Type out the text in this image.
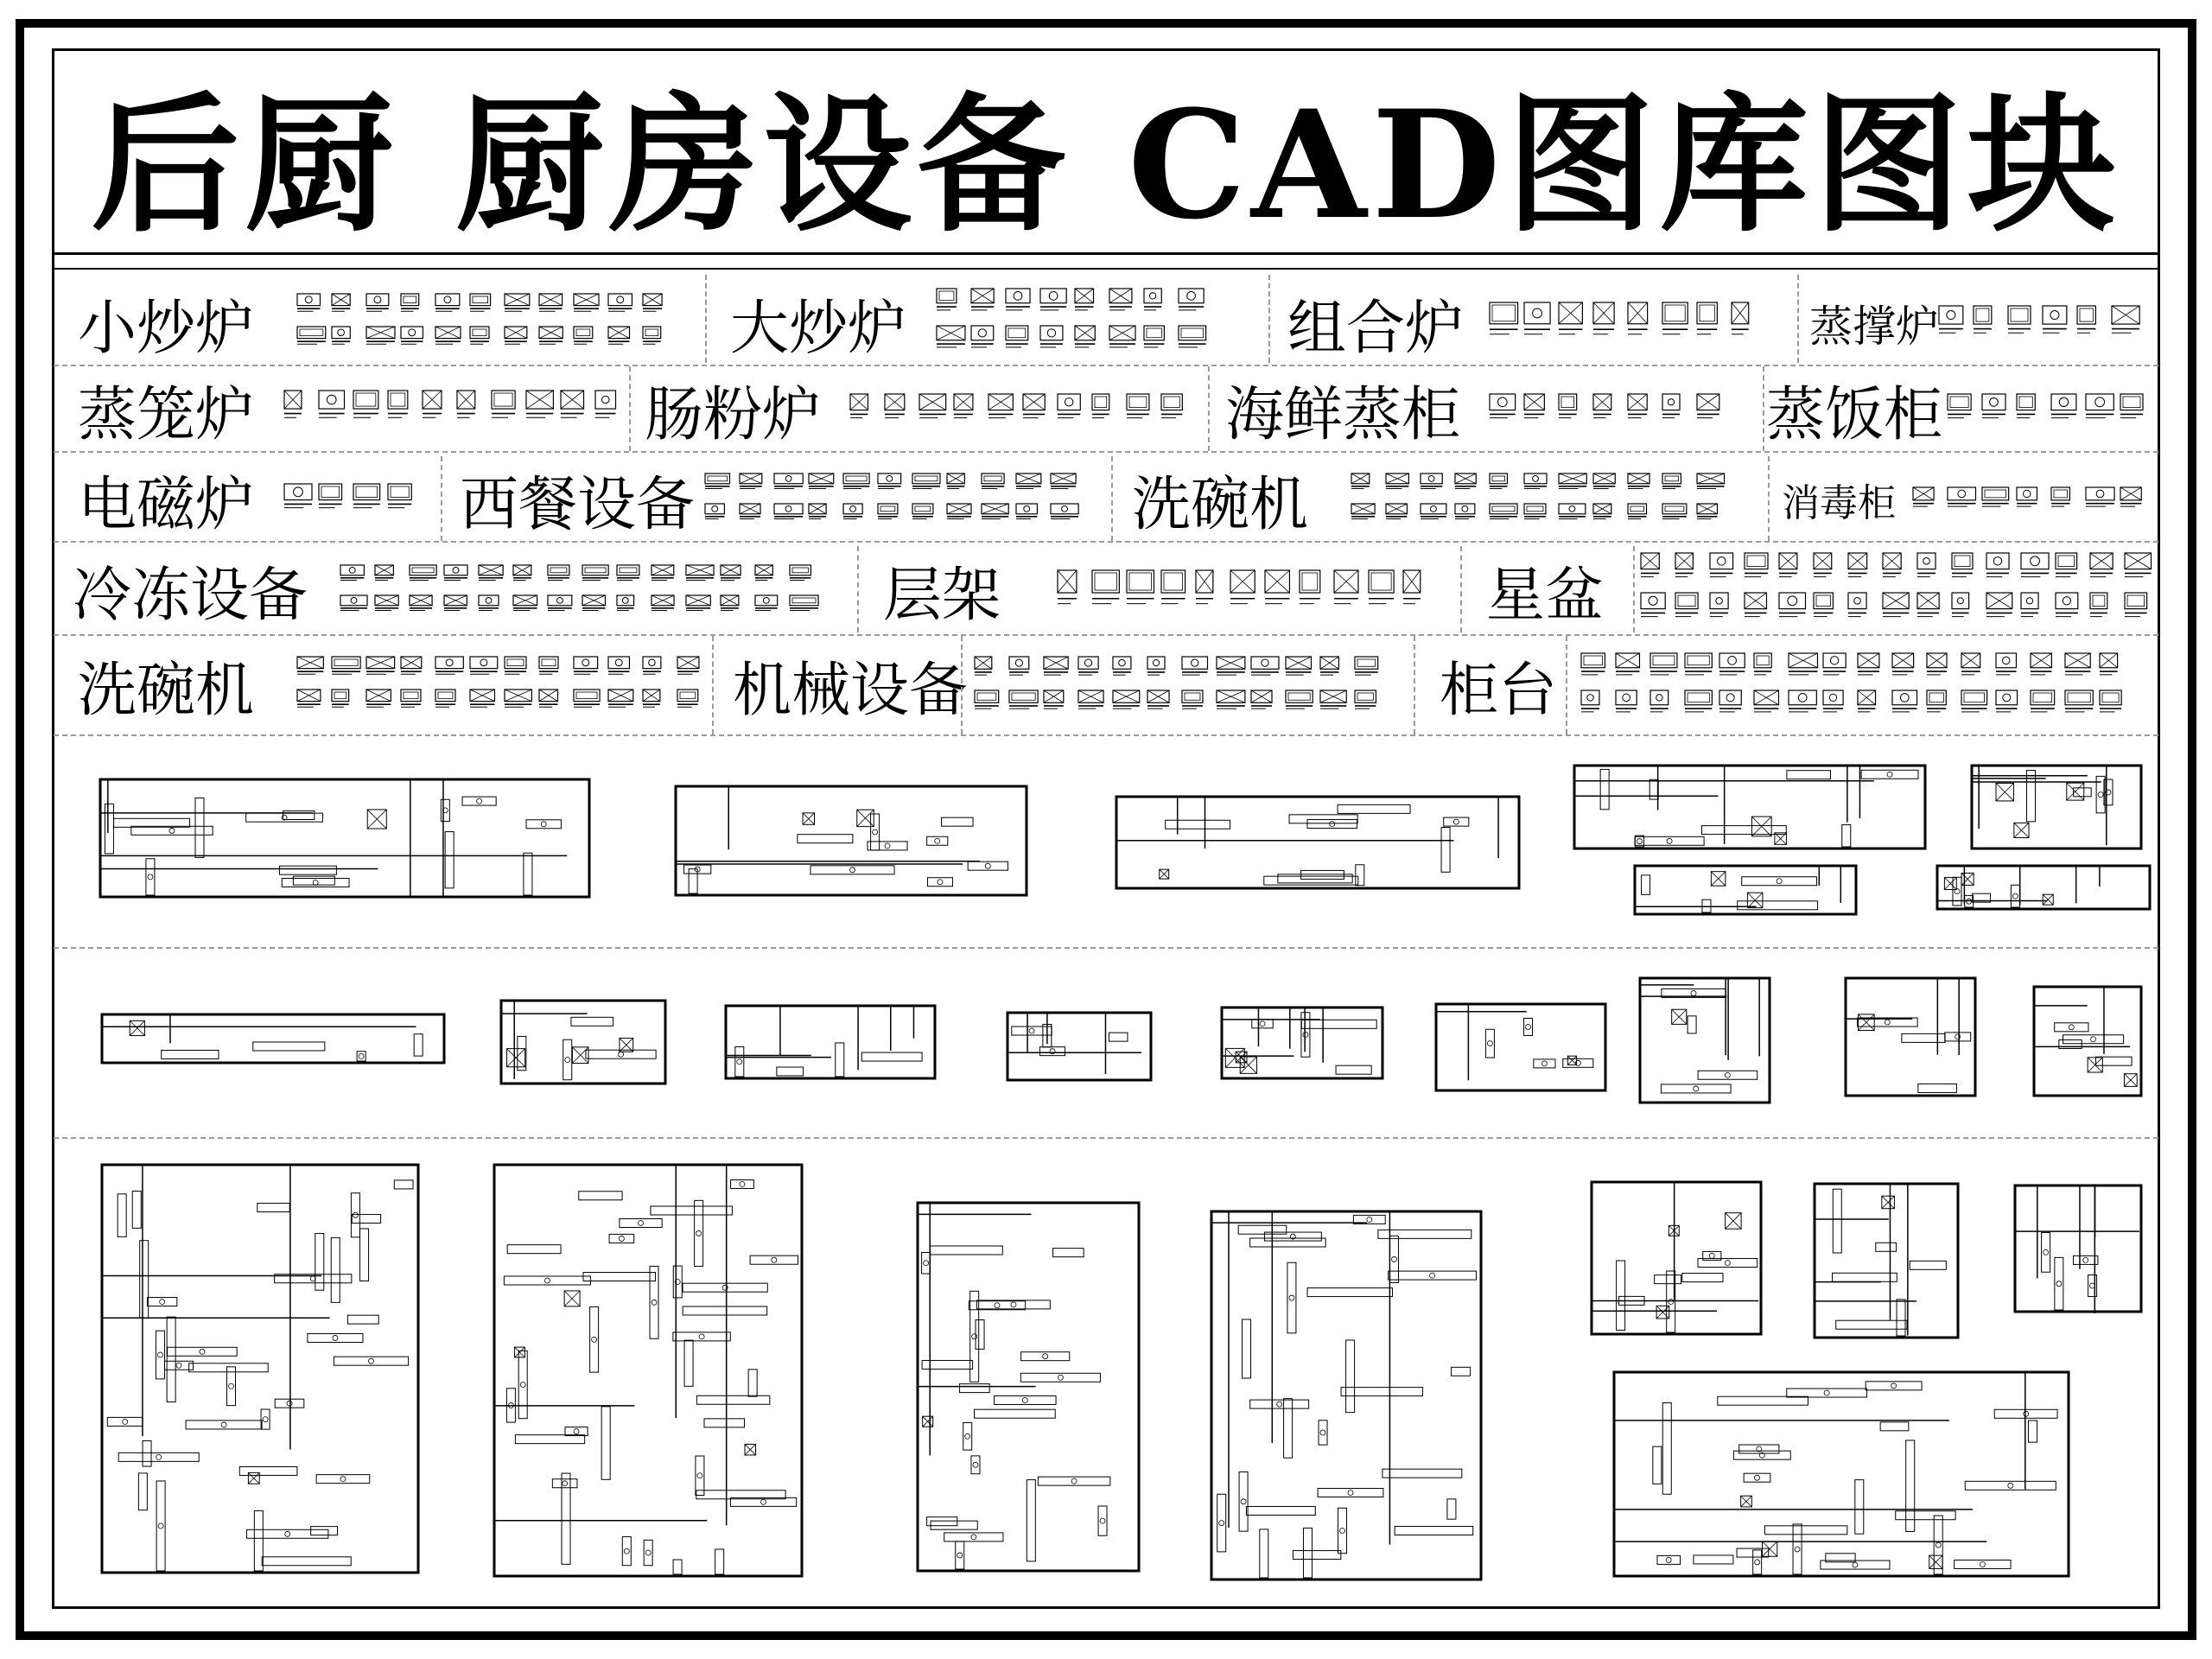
后厨 厨房设备 CAD图库图块
小炒炉	大炒炉	组合炉	蒸撑炉
蒸笼炉	肠粉炉	海鲜蒸柜	蒸饭柜
电磁炉	西餐设备	洗碗机	消毒柜
冷冻设备	层架	星盆
洗碗机	机械设备	柜台
